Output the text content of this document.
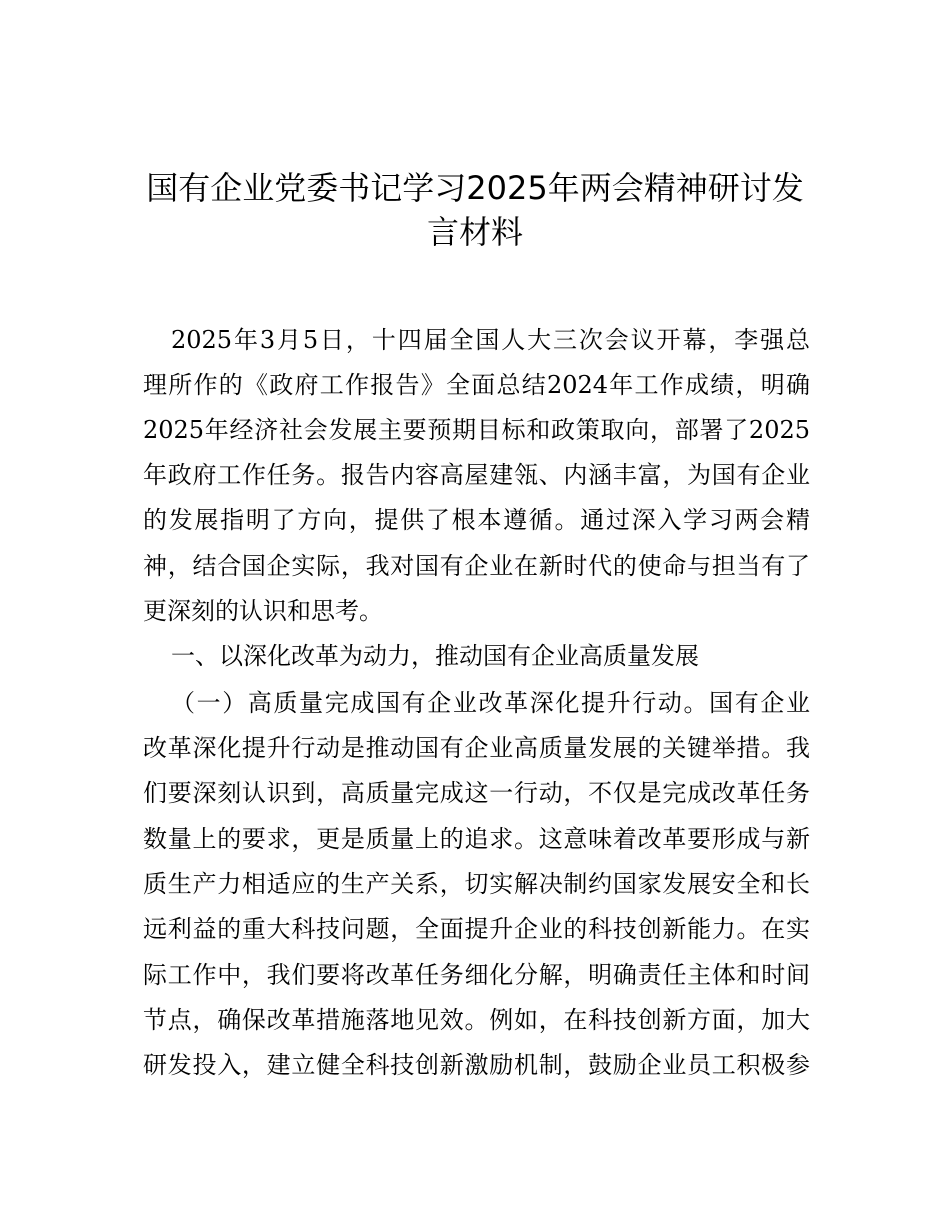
国有企业党委书记学习2025年两会精神研讨发
言材料
2025年3月5日，十四届全国人大三次会议开幕，李强总
理所作的《政府工作报告》全面总结2024年工作成绩，明确
2025年经济社会发展主要预期目标和政策取向，部署了2025
年政府工作任务。报告内容高屋建瓴、内涵丰富，为国有企业
的发展指明了方向，提供了根本遵循。通过深入学习两会精
神，结合国企实际，我对国有企业在新时代的使命与担当有了
更深刻的认识和思考。
一、以深化改革为动力，推动国有企业高质量发展
（一）高质量完成国有企业改革深化提升行动。国有企业
改革深化提升行动是推动国有企业高质量发展的关键举措。我
们要深刻认识到，高质量完成这一行动，不仅是完成改革任务
数量上的要求，更是质量上的追求。这意味着改革要形成与新
质生产力相适应的生产关系，切实解决制约国家发展安全和长
远利益的重大科技问题，全面提升企业的科技创新能力。在实
际工作中，我们要将改革任务细化分解，明确责任主体和时间
节点，确保改革措施落地见效。例如，在科技创新方面，加大
研发投入，建立健全科技创新激励机制，鼓励企业员工积极参
